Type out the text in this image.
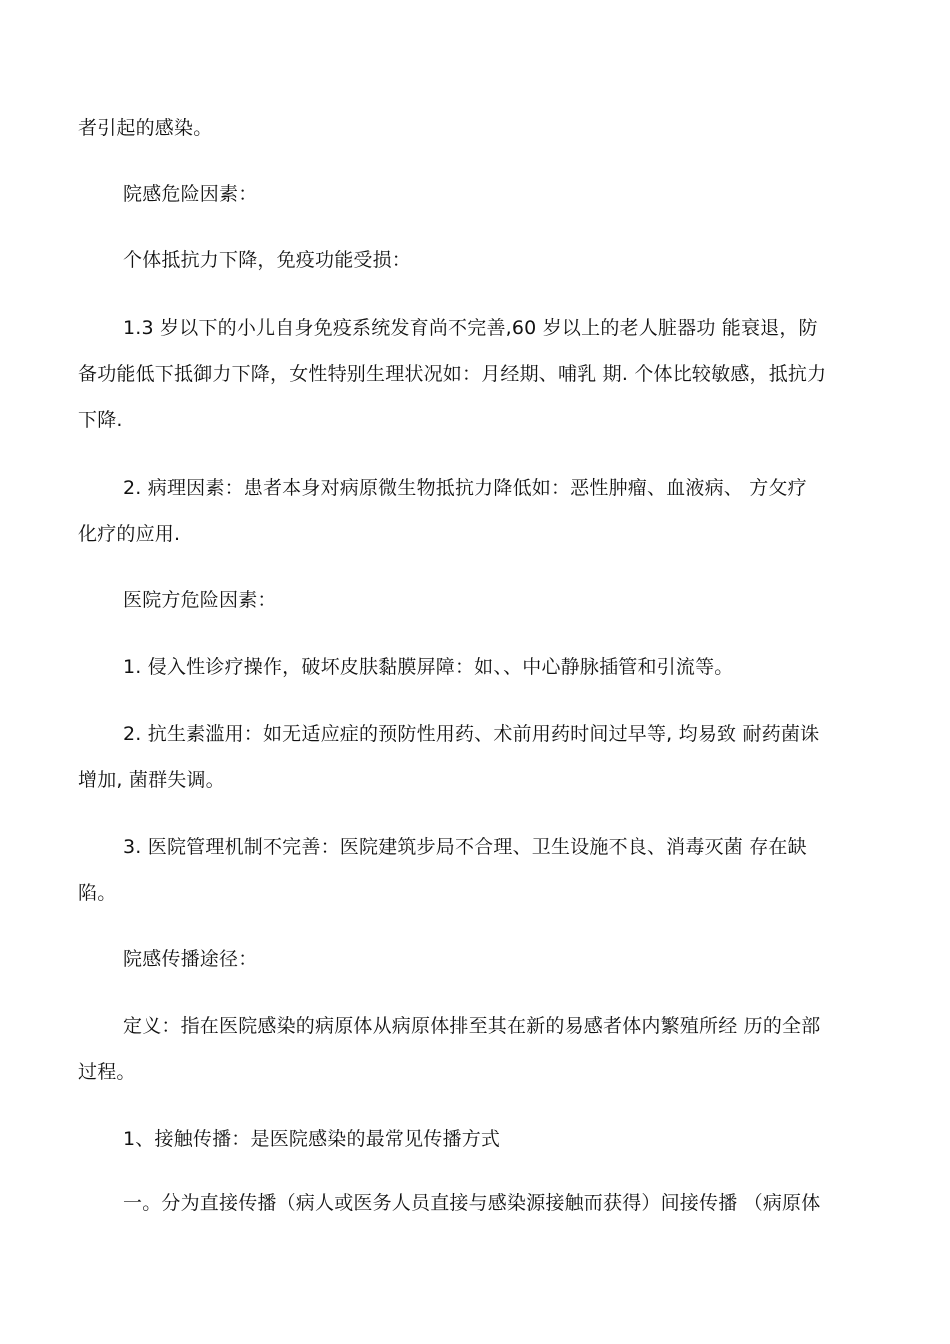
者引起的感染。
院感危险因素：
个体抵抗力下降，免疫功能受损：
1.3 岁以下的小儿自身免疫系统发育尚不完善,60 岁以上的老人脏器功 能衰退，防
备功能低下抵御力下降，女性特别生理状况如：月经期、哺乳 期. 个体比较敏感，抵抗力
下降.
2. 病理因素：患者本身对病原微生物抵抗力降低如：恶性肿瘤、血液病、 方攵疗
化疗的应用.
医院方危险因素：
1. 侵入性诊疗操作，破坏皮肤黏膜屏障：如、、中心静脉插管和引流等。
2. 抗生素滥用：如无适应症的预防性用药、术前用药时间过早等, 均易致 耐药菌诛
增加, 菌群失调。
3. 医院管理机制不完善：医院建筑步局不合理、卫生设施不良、消毒灭菌 存在缺
陷。
院感传播途径：
定义：指在医院感染的病原体从病原体排至其在新的易感者体内繁殖所经 历的全部
过程。
1、接触传播：是医院感染的最常见传播方式
一。分为直接传播（病人或医务人员直接与感染源接触而获得）间接传播 （病原体
